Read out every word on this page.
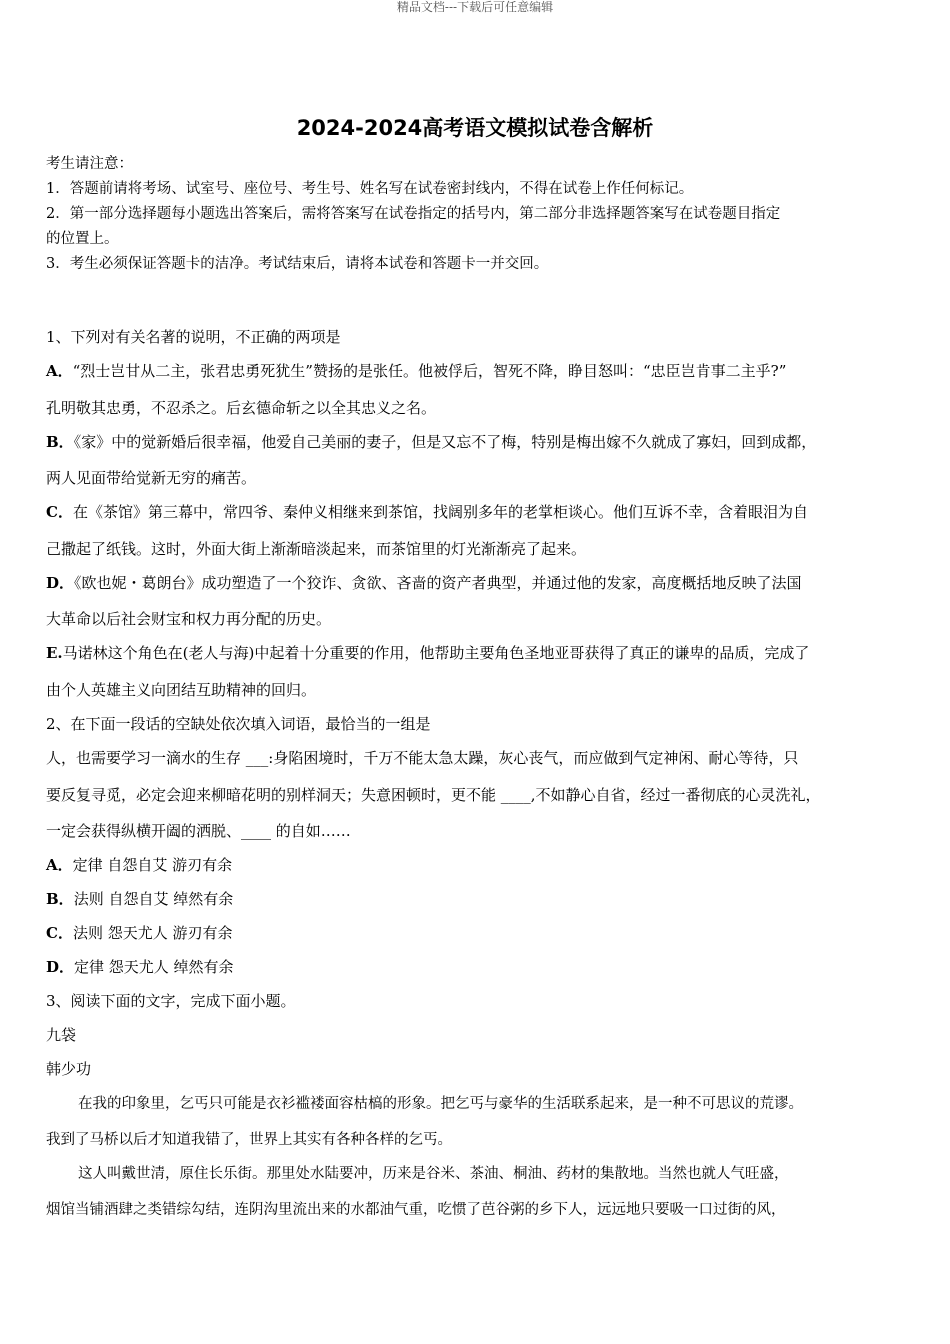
精品文档---下载后可任意编辑
2024-2024高考语文模拟试卷含解析
考生请注意：
1．答题前请将考场、试室号、座位号、考生号、姓名写在试卷密封线内，不得在试卷上作任何标记。
2．第一部分选择题每小题选出答案后，需将答案写在试卷指定的括号内，第二部分非选择题答案写在试卷题目指定
的位置上。
3．考生必须保证答题卡的洁净。考试结束后，请将本试卷和答题卡一并交回。
1、下列对有关名著的说明，不正确的两项是
A．“烈士岂甘从二主，张君忠勇死犹生”赞扬的是张任。他被俘后，智死不降，睁目怒叫：“忠臣岂肯事二主乎?”
孔明敬其忠勇，不忍杀之。后玄德命斩之以全其忠义之名。
B．《家》中的觉新婚后很幸福，他爱自己美丽的妻子，但是又忘不了梅，特别是梅出嫁不久就成了寡妇，回到成都，
两人见面带给觉新无穷的痛苦。
C．在《茶馆》第三幕中，常四爷、秦仲义相继来到茶馆，找阔别多年的老掌柜谈心。他们互诉不幸，含着眼泪为自
己撒起了纸钱。这时，外面大街上渐渐暗淡起来，而茶馆里的灯光渐渐亮了起来。
D．《欧也妮・葛朗台》成功塑造了一个狡诈、贪欲、吝啬的资产者典型，并通过他的发家，高度概括地反映了法国
大革命以后社会财宝和权力再分配的历史。
E.马诺林这个角色在(老人与海)中起着十分重要的作用，他帮助主要角色圣地亚哥获得了真正的谦卑的品质，完成了
由个人英雄主义向团结互助精神的回归。
2、在下面一段话的空缺处依次填入词语，最恰当的一组是
人，也需要学习一滴水的生存 ___:身陷困境时，千万不能太急太躁，灰心丧气，而应做到气定神闲、耐心等待，只
要反复寻觅，必定会迎来柳暗花明的别样洞天；失意困顿时，更不能 ____,不如静心自省，经过一番彻底的心灵洗礼，
一定会获得纵横开阖的洒脱、____ 的自如……
A．定律 自怨自艾 游刃有余
B．法则 自怨自艾 绰然有余
C．法则 怨天尤人 游刃有余
D．定律 怨天尤人 绰然有余
3、阅读下面的文字，完成下面小题。
九袋
韩少功
在我的印象里，乞丐只可能是衣衫褴褛面容枯槁的形象。把乞丐与豪华的生活联系起来，是一种不可思议的荒谬。
我到了马桥以后才知道我错了，世界上其实有各种各样的乞丐。
这人叫戴世清，原住长乐街。那里处水陆要冲，历来是谷米、茶油、桐油、药材的集散地。当然也就人气旺盛，
烟馆当铺酒肆之类错综勾结，连阴沟里流出来的水都油气重，吃惯了芭谷粥的乡下人，远远地只要吸一口过街的风，
